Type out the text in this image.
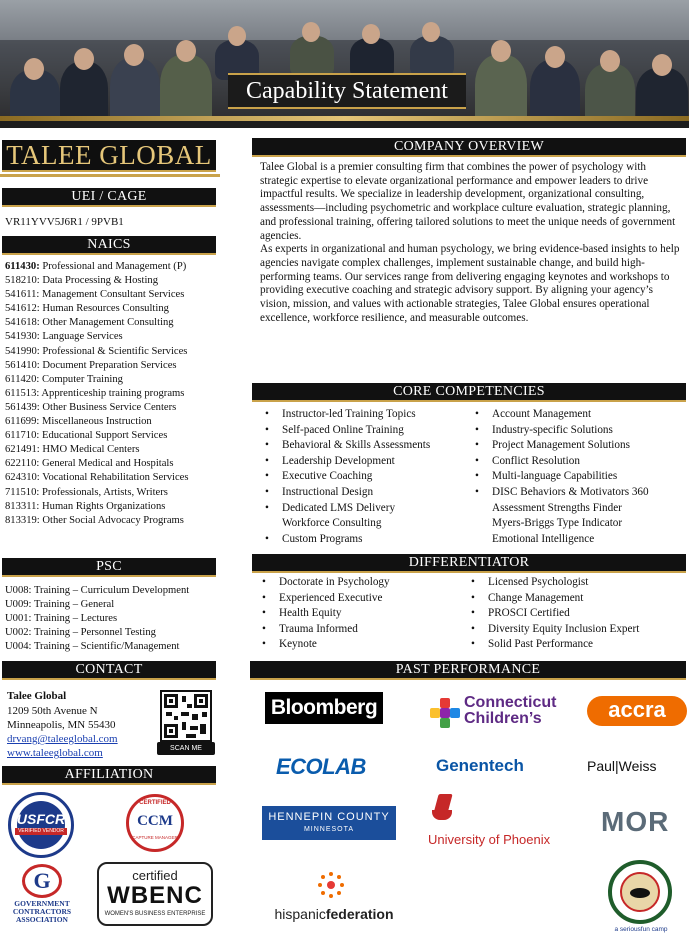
Capability Statement
TALEE GLOBAL
UEI / CAGE
VR11YVV5J6R1 / 9PVB1
NAICS
611430: Professional and Management (P)
518210: Data Processing & Hosting
541611: Management Consultant Services
541612: Human Resources Consulting
541618: Other Management Consulting
541930: Language Services
541990: Professional & Scientific Services
561410: Document Preparation Services
611420: Computer Training
611513: Apprenticeship training programs
561439: Other Business Service Centers
611699: Miscellaneous Instruction
611710: Educational Support Services
621491: HMO Medical Centers
622110: General Medical and Hospitals
624310: Vocational Rehabilitation Services
711510: Professionals, Artists, Writers
813311: Human Rights Organizations
813319: Other Social Advocacy Programs
PSC
U008: Training – Curriculum Development
U009: Training – General
U001: Training – Lectures
U002: Training – Personnel Testing
U004: Training – Scientific/Management
CONTACT
Talee Global
1209 50th Avenue N
Minneapolis, MN 55430
drvang@taleeglobal.com
www.taleeglobal.com	SCAN ME
AFFILIATION
USFCR
VERIFIED VENDOR
CERTIFIED
CCM
CAPTURE MANAGER
G
GOVERNMENT
CONTRACTORS
ASSOCIATION
certified
WBENC
WOMEN'S BUSINESS ENTERPRISE
COMPANY OVERVIEW
Talee Global is a premier consulting firm that combines the power of psychology with strategic expertise to elevate organizational performance and empower leaders to drive impactful results. We specialize in leadership development, organizational consulting, assessments—including psychometric and workplace culture evaluation, strategic planning, and professional training, offering tailored solutions to meet the unique needs of government agencies.
As experts in organizational and human psychology, we bring evidence-based insights to help agencies navigate complex challenges, implement sustainable change, and build high-performing teams. Our services range from delivering engaging keynotes and workshops to providing executive coaching and strategic advisory support. By aligning your agency’s vision, mission, and values with actionable strategies, Talee Global ensures operational excellence, workforce resilience, and measurable outcomes.
CORE COMPETENCIES
• Instructor-led Training Topics
• Self-paced Online Training
• Behavioral & Skills Assessments
• Leadership Development
• Executive Coaching
• Instructional Design
• Dedicated LMS Delivery
Workforce Consulting
• Custom Programs
• Account Management
• Industry-specific Solutions
• Project Management Solutions
• Conflict Resolution
• Multi-language Capabilities
• DISC Behaviors & Motivators 360
Assessment Strengths Finder
Myers-Briggs Type Indicator
Emotional Intelligence
DIFFERENTIATOR
• Doctorate in Psychology
• Experienced Executive
• Health Equity
• Trauma Informed
• Keynote
• Licensed Psychologist
• Change Management
• PROSCI Certified
• Diversity Equity Inclusion Expert
• Solid Past Performance
PAST PERFORMANCE
Bloomberg	Connecticut
Children’s	accra
ECOLAB	Genentech	Paul|Weiss
HENNEPIN COUNTY
MINNESOTA
University of Phoenix
MOR
hispanicfederation
a seriousfun camp
